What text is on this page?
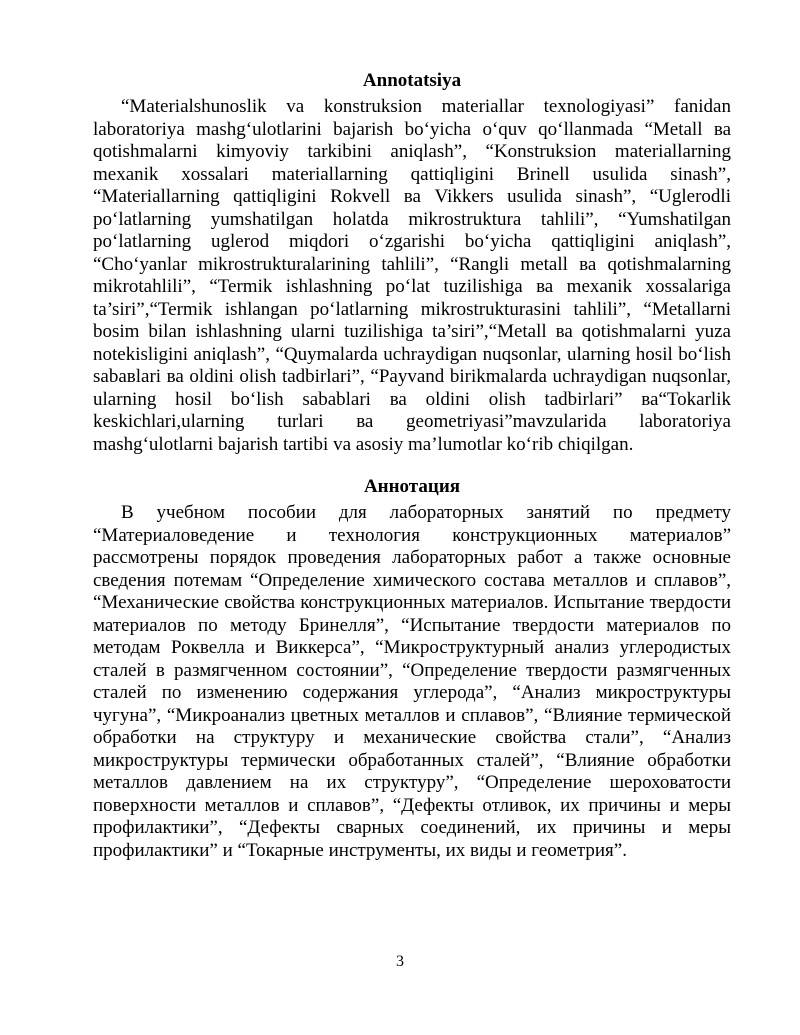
Annotatsiya

“Materialshunoslik va konstruksion materiallar texnologiyasi” fanidan laboratoriya mashg‘ulotlarini bajarish bo‘yicha o‘quv qo‘llanmada “Metall ва qotishmalarni kimyoviy tarkibini aniqlash”, “Konstruksion materiallarning mexanik xossalari materiallarning qattiqligini Brinell usulida sinash”, “Materiallarning qattiqligini Rokvell ва Vikkers usulida sinash”, “Uglerodli po‘latlarning yumshatilgan holatda mikrostruktura tahlili”, “Yumshatilgan po‘latlarning uglerod miqdori o‘zgarishi bo‘yicha qattiqligini aniqlash”, “Cho‘yanlar mikrostrukturalarining tahlili”, “Rangli metall ва qotishmalarning mikrotahlili”, “Termik ishlashning po‘lat tuzilishiga ва mexanik xossalariga ta’siri”,“Termik ishlangan po‘latlarning mikrostrukturasini tahlili”, “Metallarni bosim bilan ishlashning ularni tuzilishiga ta’siri”,“Metall ва qotishmalarni yuza notekisligini aniqlash”, “Quymalarda uchraydigan nuqsonlar, ularning hosil bo‘lish sabaвlari ва oldini olish tadbirlari”, “Payvand birikmalarda uchraydigan nuqsonlar, ularning hosil bo‘lish sabablari ва oldini olish tadbirlari” ва“Tokarlik keskichlari,ularning turlari ва geometriyasi”mavzularida laboratoriya mashg‘ulotlarni bajarish tartibi va asosiy ma’lumotlar ko‘rib chiqilgan.

Аннотация

В учебном пособии для лабораторных занятий по предмету “Материаловедение и технология конструкционных материалов” рассмотрены порядок проведения лабораторных работ а также основные сведения потемам “Определение химического состава металлов и сплавов”, “Механические свойства конструкционных материалов. Испытание твердости материалов по методу Бринелля”, “Испытание твердости материалов по методам Роквелла и Виккерса”, “Микроструктурный анализ углеродистых сталей в размягченном состоянии”, “Определение твердости размягченных сталей по изменению содержания углерода”, “Анализ микроструктуры чугуна”, “Микроанализ цветных металлов и сплавов”, “Влияние термической обработки на структуру и механические свойства стали”, “Анализ микроструктуры термически обработанных сталей”, “Влияние обработки металлов давлением на их структуру”, “Определение шероховатости поверхности металлов и сплавов”, “Дефекты отливок, их причины и меры профилактики”, “Дефекты сварных соединений, их причины и меры профилактики” и “Токарные инструменты, их виды и геометрия”.

3
